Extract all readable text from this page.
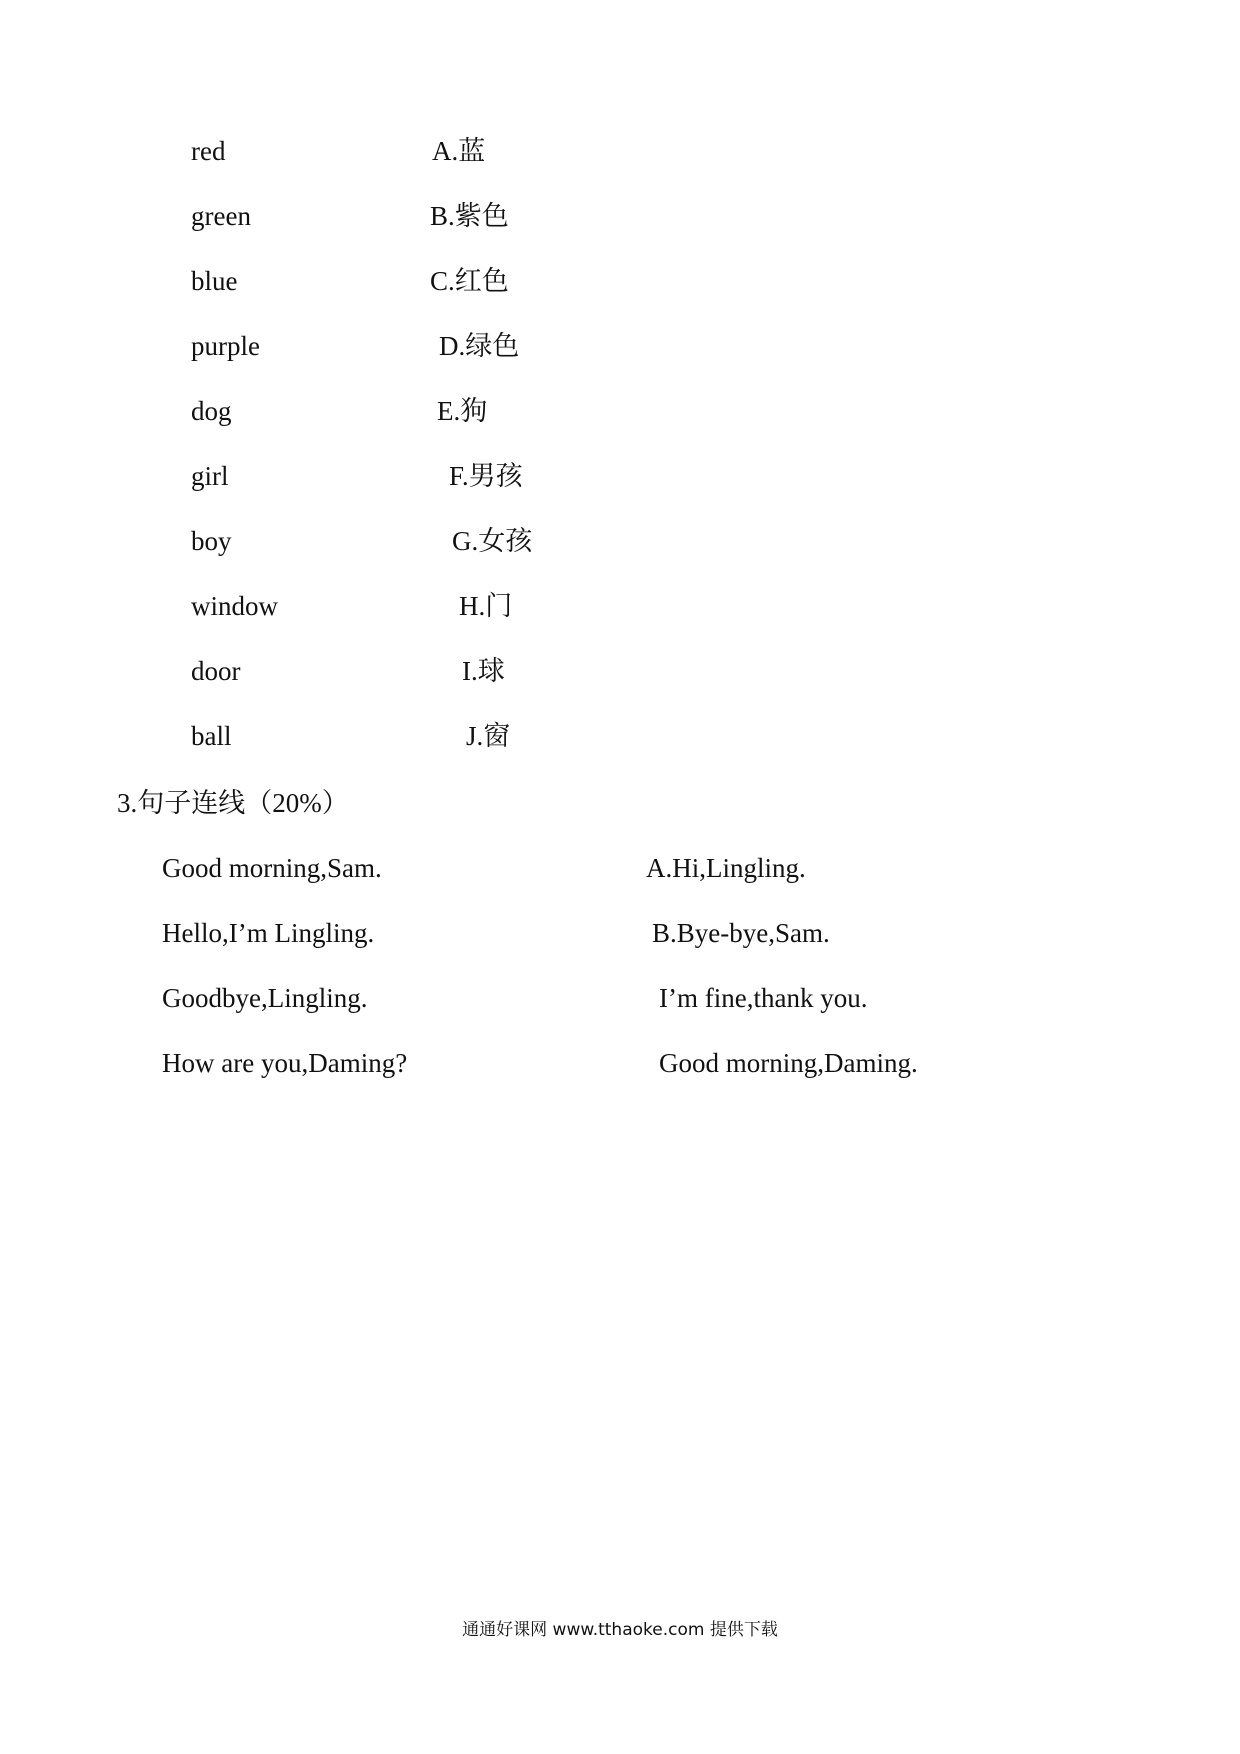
red	A.蓝
green	B.紫色
blue	C.红色
purple	D.绿色
dog	E.狗
girl	F.男孩
boy	G.女孩
window	H.门
door	I.球
ball	J.窗
3.句子连线（20%）
Good morning,Sam.	A.Hi,Lingling.
Hello,I’m Lingling.	B.Bye-bye,Sam.
Goodbye,Lingling.	I’m fine,thank you.
How are you,Daming?	Good morning,Daming.
通通好课网 www.tthaoke.com 提供下载
